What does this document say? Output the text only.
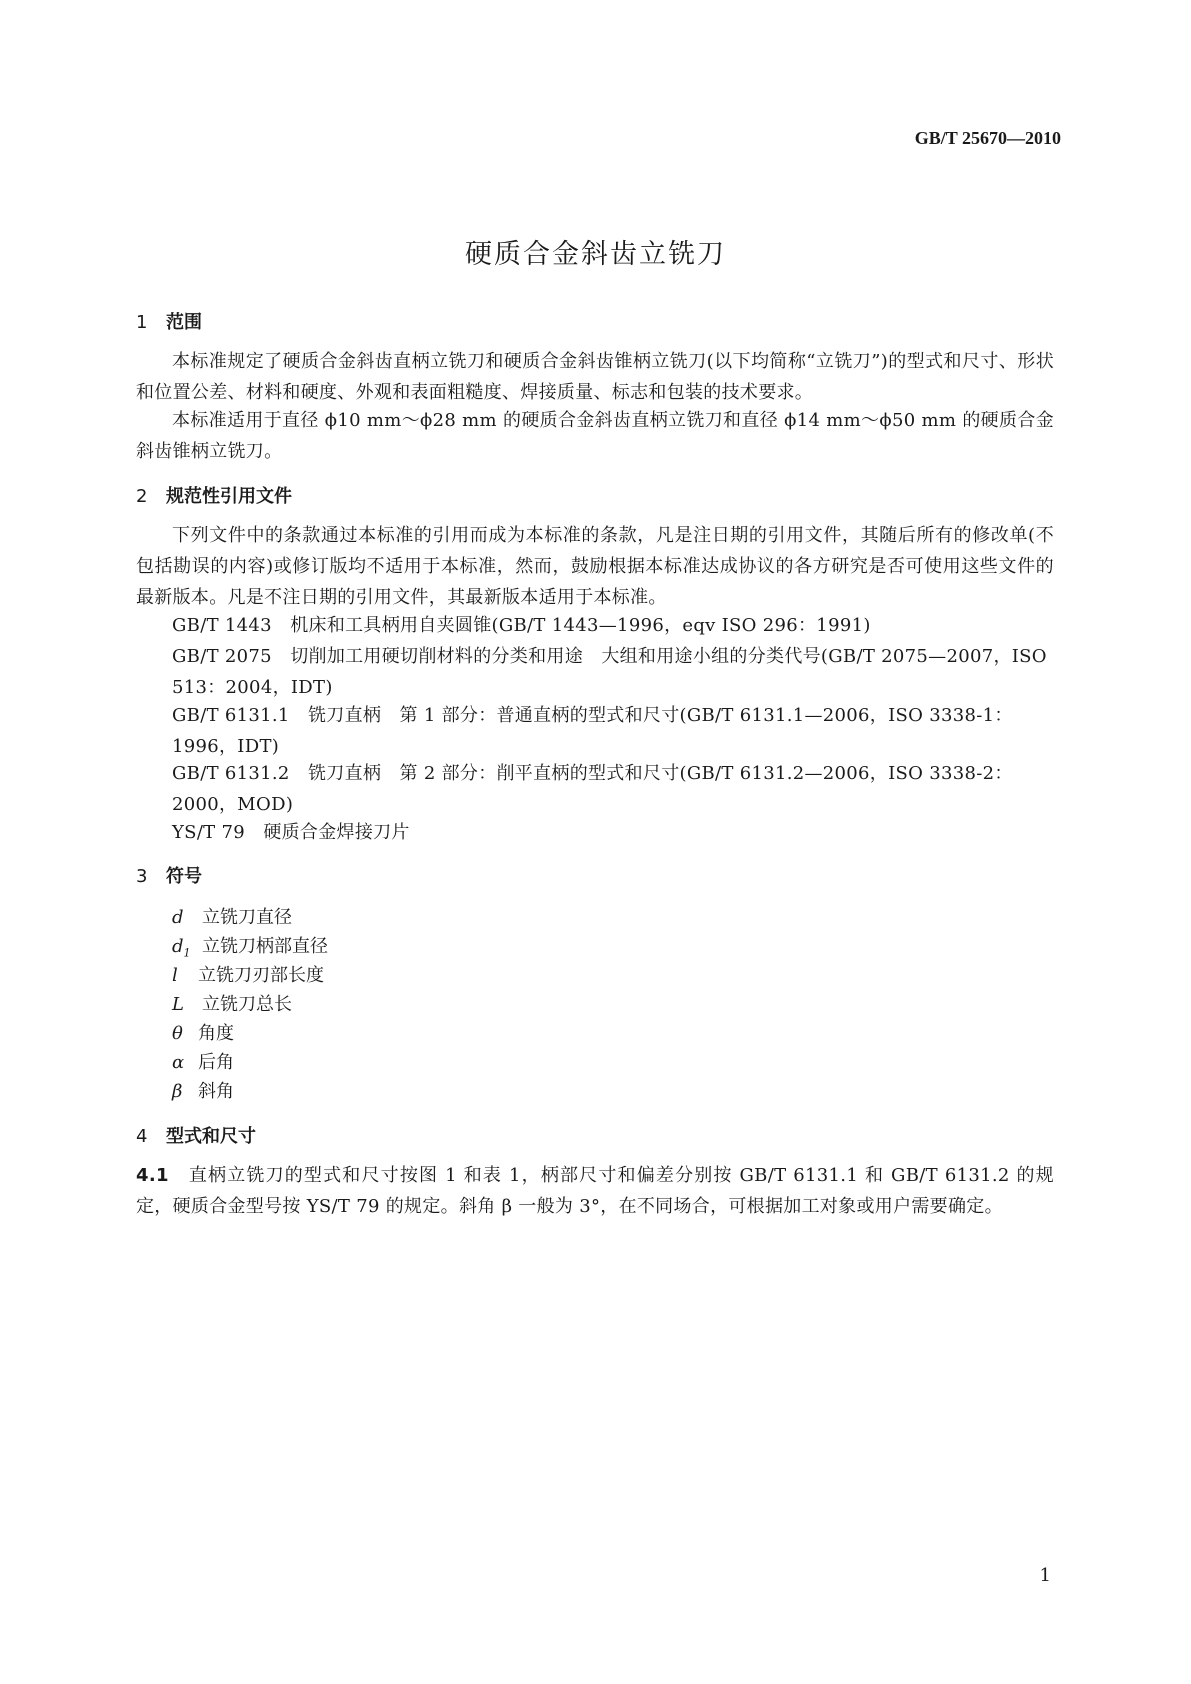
GB/T 25670—2010
硬质合金斜齿立铣刀
1 范围
本标准规定了硬质合金斜齿直柄立铣刀和硬质合金斜齿锥柄立铣刀(以下均简称“立铣刀”)的型式和尺寸、形状和位置公差、材料和硬度、外观和表面粗糙度、焊接质量、标志和包装的技术要求。
本标准适用于直径 ϕ10 mm～ϕ28 mm 的硬质合金斜齿直柄立铣刀和直径 ϕ14 mm～ϕ50 mm 的硬质合金斜齿锥柄立铣刀。
2 规范性引用文件
下列文件中的条款通过本标准的引用而成为本标准的条款，凡是注日期的引用文件，其随后所有的修改单(不包括勘误的内容)或修订版均不适用于本标准，然而，鼓励根据本标准达成协议的各方研究是否可使用这些文件的最新版本。凡是不注日期的引用文件，其最新版本适用于本标准。
GB/T 1443　 机床和工具柄用自夹圆锥(GB/T 1443—1996，eqv ISO 296：1991)
GB/T 2075　 切削加工用硬切削材料的分类和用途　大组和用途小组的分类代号(GB/T 2075—2007，ISO 513：2004，IDT)
GB/T 6131.1　 铣刀直柄　第 1 部分：普通直柄的型式和尺寸(GB/T 6131.1—2006，ISO 3338-1：1996，IDT)
GB/T 6131.2　 铣刀直柄　第 2 部分：削平直柄的型式和尺寸(GB/T 6131.2—2006，ISO 3338-2：2000，MOD)
YS/T 79　 硬质合金焊接刀片
3 符号
d 立铣刀直径
$d_1$ 立铣刀柄部直径
l 立铣刀刃部长度
L 立铣刀总长
θ 角度
α 后角
β 斜角
4 型式和尺寸
4.1　 直柄立铣刀的型式和尺寸按图 1 和表 1，柄部尺寸和偏差分别按 GB/T 6131.1 和 GB/T 6131.2 的规定，硬质合金型号按 YS/T 79 的规定。斜角 β 一般为 3°，在不同场合，可根据加工对象或用户需要确定。
1
